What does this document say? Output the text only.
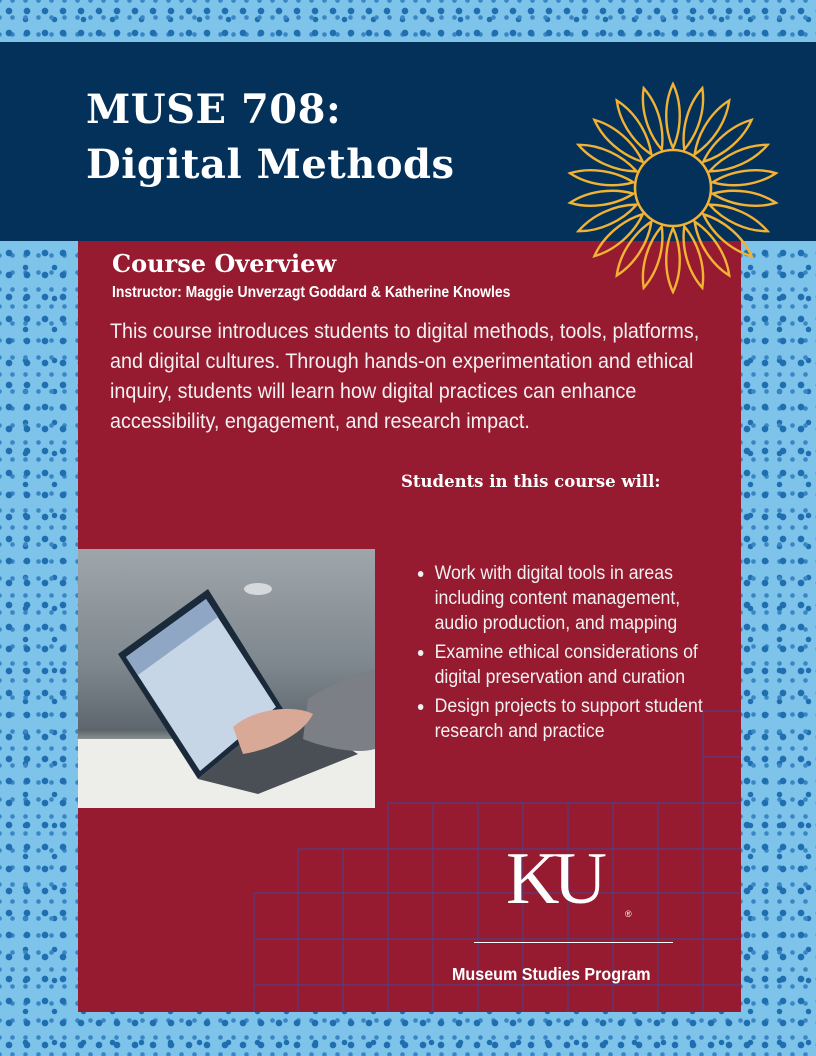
MUSE 708:
Digital Methods
Course Overview
Instructor: Maggie Unverzagt Goddard & Katherine Knowles

This course introduces students to digital methods, tools, platforms, and digital cultures. Through hands-on experimentation and ethical inquiry, students will learn how digital practices can enhance accessibility, engagement, and research impact.

Students in this course will:
Work with digital tools in areas including content management, audio production, and mapping
Examine ethical considerations of digital preservation and curation
Design projects to support student research and practice
KU	®
Museum Studies Program
